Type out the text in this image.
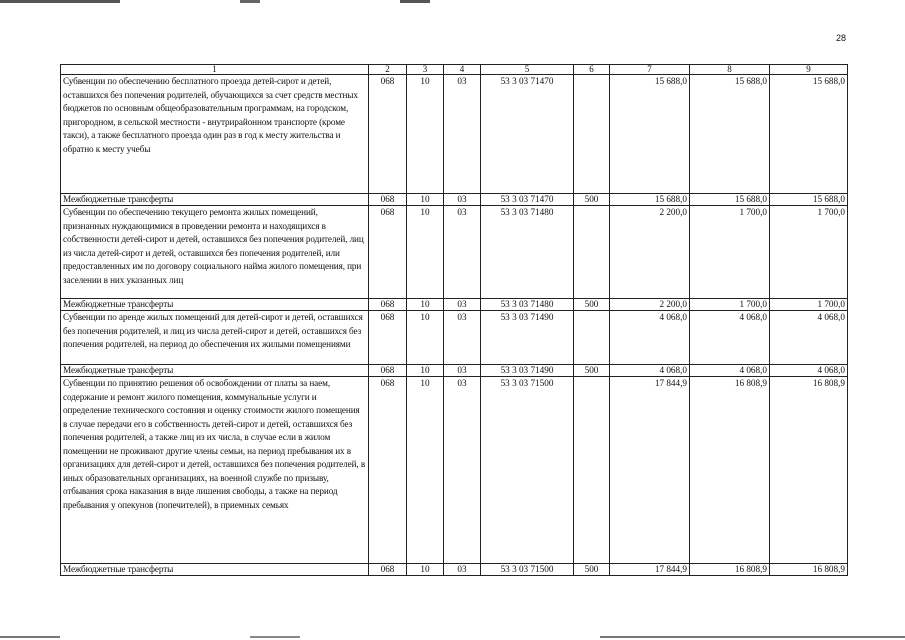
28
1	2	3	4	5	6	7	8	9
Субвенции по обеспечению бесплатного проезда детей-сирот и детей, оставшихся без попечения родителей, обучающихся за счет средств местных бюджетов по основным общеобразовательным программам, на городском, пригородном, в сельской местности - внутрирайонном транспорте (кроме такси), а также бесплатного проезда один раз в год к месту жительства и обратно к месту учебы	068	10	03	53 3 03 71470		15 688,0	15 688,0	15 688,0
Межбюджетные трансферты	068	10	03	53 3 03 71470	500	15 688,0	15 688,0	15 688,0
Субвенции по обеспечению текущего ремонта жилых помещений, признанных нуждающимися в проведении ремонта и находящихся в собственности детей-сирот и детей, оставшихся без попечения родителей, лиц из числа детей-сирот и детей, оставшихся без попечения родителей, или предоставленных им по договору социального найма жилого помещения, при заселении в них указанных лиц	068	10	03	53 3 03 71480		2 200,0	1 700,0	1 700,0
Межбюджетные трансферты	068	10	03	53 3 03 71480	500	2 200,0	1 700,0	1 700,0
Субвенции по аренде жилых помещений для детей-сирот и детей, оставшихся без попечения родителей, и лиц из числа детей-сирот и детей, оставшихся без попечения родителей, на период до обеспечения их жилыми помещениями	068	10	03	53 3 03 71490		4 068,0	4 068,0	4 068,0
Межбюджетные трансферты	068	10	03	53 3 03 71490	500	4 068,0	4 068,0	4 068,0
Субвенции по принятию решения об освобождении от платы за наем, содержание и ремонт жилого помещения, коммунальные услуги и определение технического состояния и оценку стоимости жилого помещения в случае передачи его в собственность детей-сирот и детей, оставшихся без попечения родителей, а также лиц из их числа, в случае если в жилом помещении не проживают другие члены семьи, на период пребывания их в организациях для детей-сирот и детей, оставшихся без попечения родителей, в иных образовательных организациях, на военной службе по призыву, отбывания срока наказания в виде лишения свободы, а также на период пребывания у опекунов (попечителей), в приемных семьях	068	10	03	53 3 03 71500		17 844,9	16 808,9	16 808,9
Межбюджетные трансферты	068	10	03	53 3 03 71500	500	17 844,9	16 808,9	16 808,9
